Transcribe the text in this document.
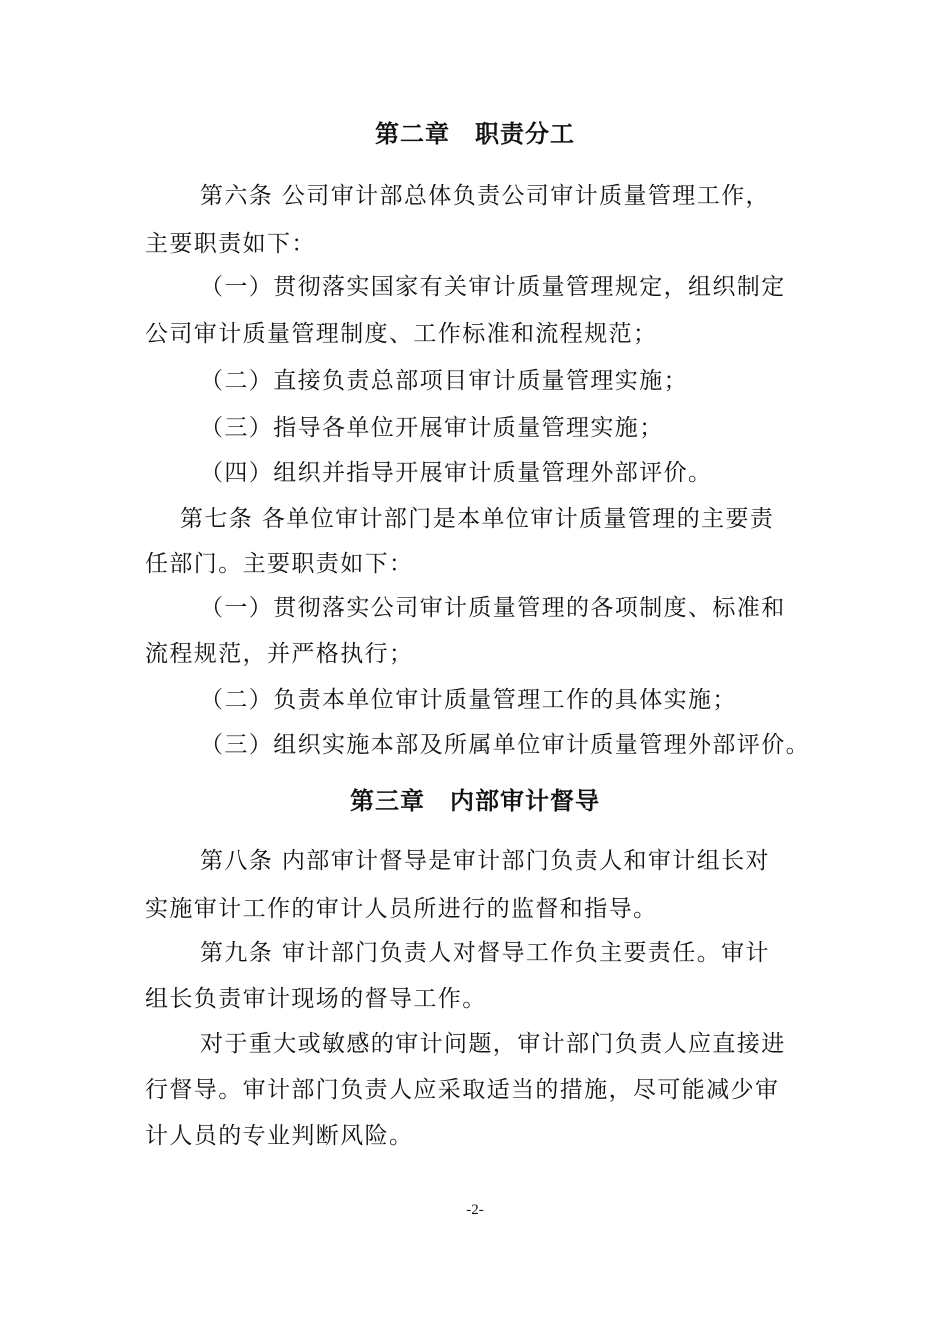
第二章　职责分工
第六条 公司审计部总体负责公司审计质量管理工作，
主要职责如下：
（一）贯彻落实国家有关审计质量管理规定，组织制定
公司审计质量管理制度、工作标准和流程规范；
（二）直接负责总部项目审计质量管理实施；
（三）指导各单位开展审计质量管理实施；
（四）组织并指导开展审计质量管理外部评价。
第七条 各单位审计部门是本单位审计质量管理的主要责
任部门。主要职责如下：
（一）贯彻落实公司审计质量管理的各项制度、标准和
流程规范，并严格执行；
（二）负责本单位审计质量管理工作的具体实施；
（三）组织实施本部及所属单位审计质量管理外部评价。
第三章　内部审计督导
第八条 内部审计督导是审计部门负责人和审计组长对
实施审计工作的审计人员所进行的监督和指导。
第九条 审计部门负责人对督导工作负主要责任。审计
组长负责审计现场的督导工作。
对于重大或敏感的审计问题，审计部门负责人应直接进
行督导。审计部门负责人应采取适当的措施，尽可能减少审
计人员的专业判断风险。
-2-
